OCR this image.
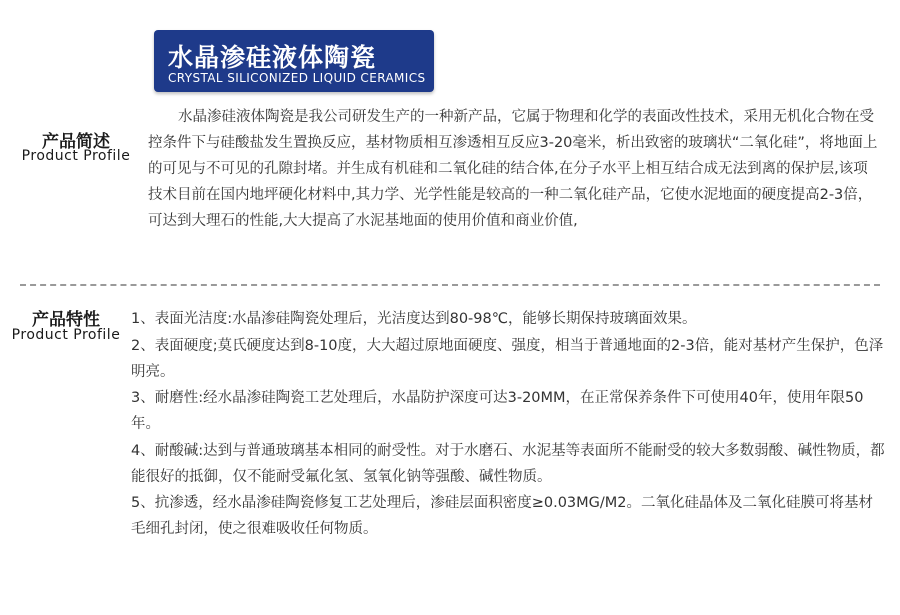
水晶渗硅液体陶瓷
CRYSTAL SILICONIZED LIQUID CERAMICS
产品简述
Product Profile

水晶渗硅液体陶瓷是我公司研发生产的一种新产品，它属于物理和化学的表面改性技术，采用无机化合物在受控条件下与硅酸盐发生置换反应，基材物质相互渗透相互反应3-20毫米，析出致密的玻璃状“二氧化硅”，将地面上的可见与不可见的孔隙封堵。并生成有机硅和二氧化硅的结合体,在分子水平上相互结合成无法到离的保护层,该项技术目前在国内地坪硬化材料中,其力学、光学性能是较高的一种二氧化硅产品，它使水泥地面的硬度提高2-3倍，可达到大理石的性能,大大提高了水泥基地面的使用价值和商业价值,

产品特性
Product Profile
1、表面光洁度:水晶渗硅陶瓷处理后，光洁度达到80-98℃，能够长期保持玻璃面效果。
2、表面硬度;莫氏硬度达到8-10度，大大超过原地面硬度、强度，相当于普通地面的2-3倍，能对基材产生保护，色泽明亮。
3、耐磨性:经水晶渗硅陶瓷工艺处理后，水晶防护深度可达3-20MM，在正常保养条件下可使用40年，使用年限50年。
4、耐酸碱:达到与普通玻璃基本相同的耐受性。对于水磨石、水泥基等表面所不能耐受的较大多数弱酸、碱性物质，都能很好的抵御，仅不能耐受氟化氢、氢氧化钠等强酸、碱性物质。
5、抗渗透，经水晶渗硅陶瓷修复工艺处理后，渗硅层面积密度≥0.03MG/M2。二氧化硅晶体及二氧化硅膜可将基材毛细孔封闭，使之很难吸收任何物质。
